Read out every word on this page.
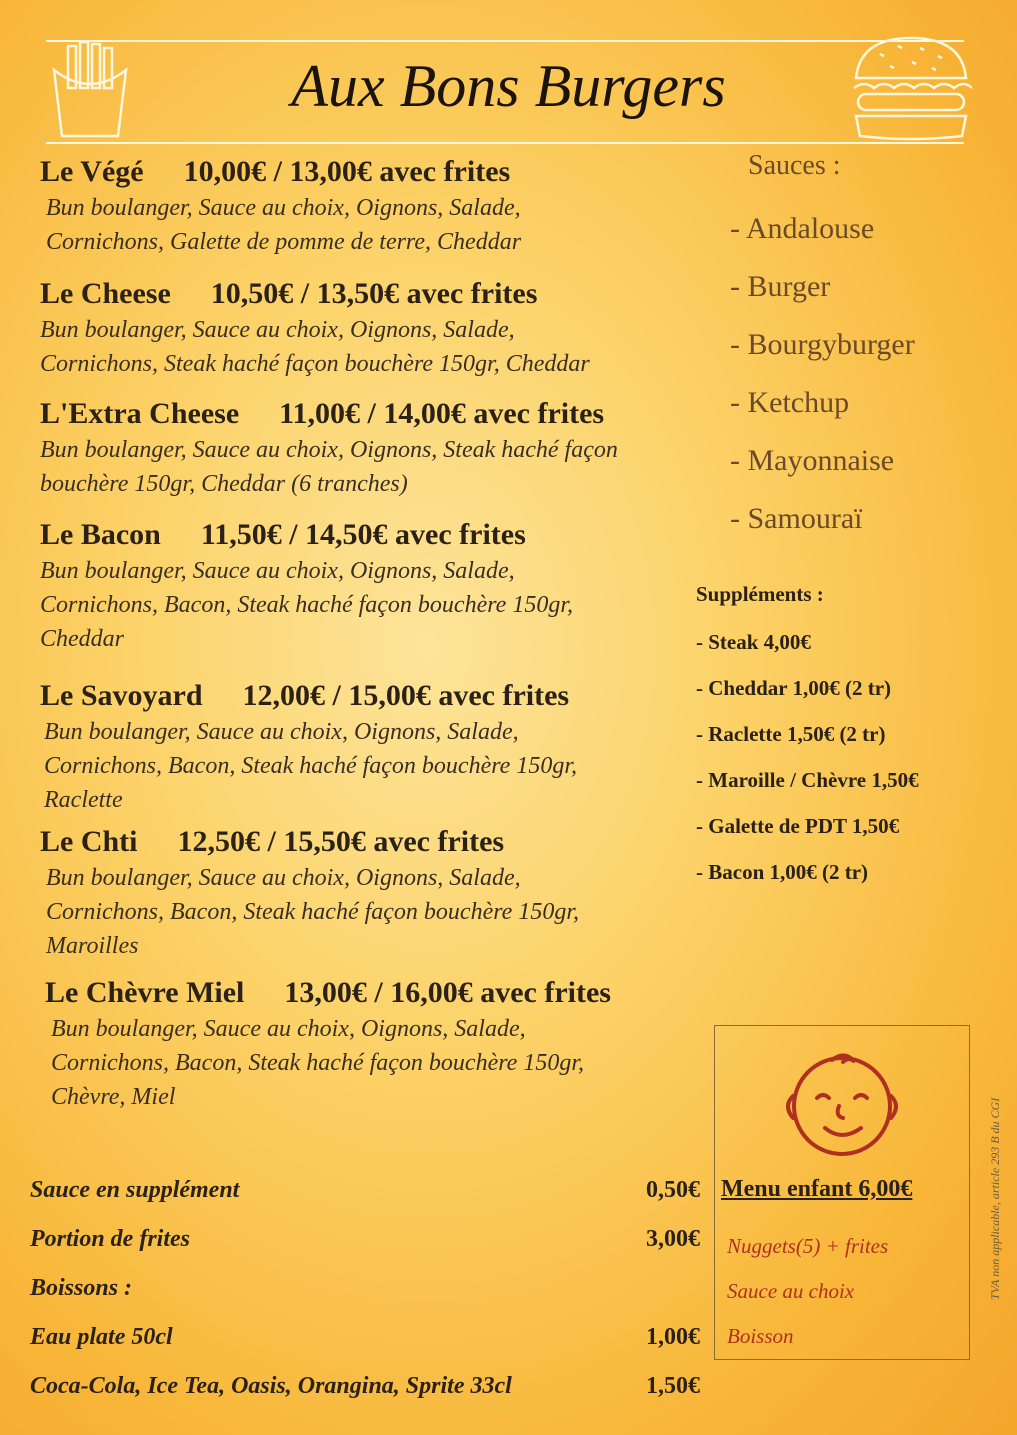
Aux Bons Burgers
Le Végé 10,00€ / 13,00€ avec frites
Bun boulanger, Sauce au choix, Oignons, Salade,
Cornichons, Galette de pomme de terre, Cheddar
Le Cheese 10,50€ / 13,50€ avec frites
Bun boulanger, Sauce au choix, Oignons, Salade,
Cornichons, Steak haché façon bouchère 150gr, Cheddar
L'Extra Cheese 11,00€ / 14,00€ avec frites
Bun boulanger, Sauce au choix, Oignons, Steak haché façon
bouchère 150gr, Cheddar (6 tranches)
Le Bacon 11,50€ / 14,50€ avec frites
Bun boulanger, Sauce au choix, Oignons, Salade,
Cornichons, Bacon, Steak haché façon bouchère 150gr,
Cheddar
Le Savoyard 12,00€ / 15,00€ avec frites
Bun boulanger, Sauce au choix, Oignons, Salade,
Cornichons, Bacon, Steak haché façon bouchère 150gr,
Raclette
Le Chti 12,50€ / 15,50€ avec frites
Bun boulanger, Sauce au choix, Oignons, Salade,
Cornichons, Bacon, Steak haché façon bouchère 150gr,
Maroilles
Le Chèvre Miel 13,00€ / 16,00€ avec frites
Bun boulanger, Sauce au choix, Oignons, Salade,
Cornichons, Bacon, Steak haché façon bouchère 150gr,
Chèvre, Miel
Sauces :
- Andalouse
- Burger
- Bourgyburger
- Ketchup
- Mayonnaise
- Samouraï
Suppléments :
- Steak 4,00€
- Cheddar 1,00€ (2 tr)
- Raclette 1,50€ (2 tr)
- Maroille / Chèvre 1,50€
- Galette de PDT 1,50€
- Bacon 1,00€ (2 tr)
Sauce en supplément	0,50€
Portion de frites	3,00€
Boissons :
Eau plate 50cl	1,00€
Coca-Cola, Ice Tea, Oasis, Orangina, Sprite 33cl	1,50€
Menu enfant 6,00€
Nuggets(5) + frites
Sauce au choix
Boisson
TVA non applicable, article 293 B du CGI
